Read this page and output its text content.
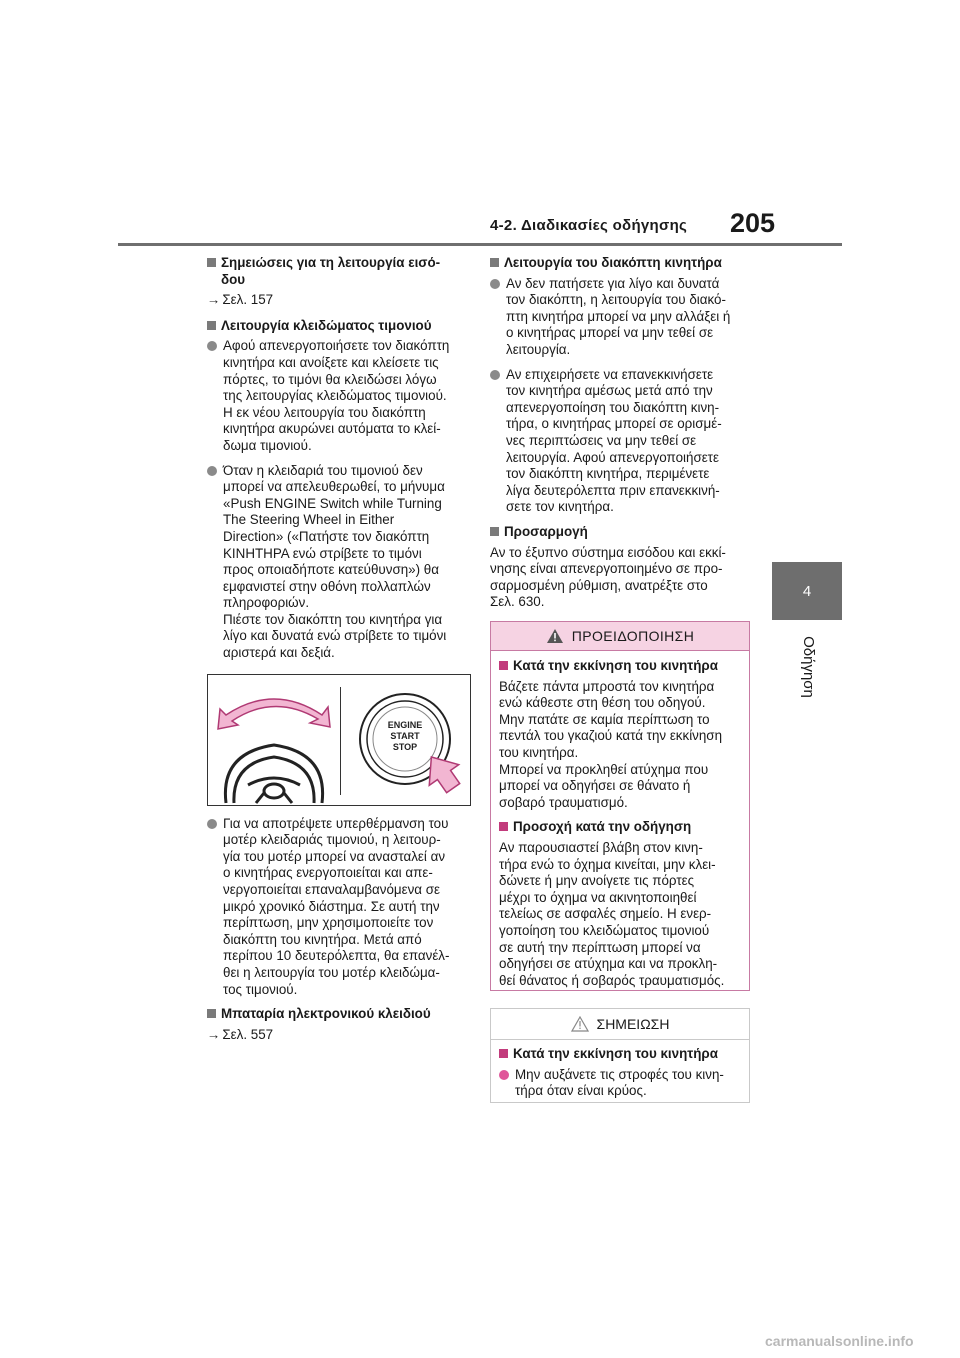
4-2. Διαδικασίες οδήγησης 205
4
Οδήγηση
Σημειώσεις για τη λειτουργία εισό-
δου
→ Σελ. 157
Λειτουργία κλειδώματος τιμονιού
Αφού απενεργοποιήσετε τον διακόπτη
κινητήρα και ανοίξετε και κλείσετε τις
πόρτες, το τιμόνι θα κλειδώσει λόγω
της λειτουργίας κλειδώματος τιμονιού.
Η εκ νέου λειτουργία του διακόπτη
κινητήρα ακυρώνει αυτόματα το κλεί-
δωμα τιμονιού.
Όταν η κλειδαριά του τιμονιού δεν
μπορεί να απελευθερωθεί, το μήνυμα
«Push ENGINE Switch while Turning
The Steering Wheel in Either
Direction» («Πατήστε τον διακόπτη
ΚΙΝΗΤΗΡΑ ενώ στρίβετε το τιμόνι
προς οποιαδήποτε κατεύθυνση») θα
εμφανιστεί στην οθόνη πολλαπλών
πληροφοριών.
Πιέστε τον διακόπτη του κινητήρα για
λίγο και δυνατά ενώ στρίβετε το τιμόνι
αριστερά και δεξιά.
ENGINE
START
STOP
Για να αποτρέψετε υπερθέρμανση του
μοτέρ κλειδαριάς τιμονιού, η λειτουρ-
γία του μοτέρ μπορεί να ανασταλεί αν
ο κινητήρας ενεργοποιείται και απε-
νεργοποιείται επαναλαμβανόμενα σε
μικρό χρονικό διάστημα. Σε αυτή την
περίπτωση, μην χρησιμοποιείτε τον
διακόπτη του κινητήρα. Μετά από
περίπου 10 δευτερόλεπτα, θα επανέλ-
θει η λειτουργία του μοτέρ κλειδώμα-
τος τιμονιού.
Μπαταρία ηλεκτρονικού κλειδιού
→ Σελ. 557
Λειτουργία του διακόπτη κινητήρα
Αν δεν πατήσετε για λίγο και δυνατά
τον διακόπτη, η λειτουργία του διακό-
πτη κινητήρα μπορεί να μην αλλάξει ή
ο κινητήρας μπορεί να μην τεθεί σε
λειτουργία.
Αν επιχειρήσετε να επανεκκινήσετε
τον κινητήρα αμέσως μετά από την
απενεργοποίηση του διακόπτη κινη-
τήρα, ο κινητήρας μπορεί σε ορισμέ-
νες περιπτώσεις να μην τεθεί σε
λειτουργία. Αφού απενεργοποιήσετε
τον διακόπτη κινητήρα, περιμένετε
λίγα δευτερόλεπτα πριν επανεκκινή-
σετε τον κινητήρα.
Προσαρμογή
Αν το έξυπνο σύστημα εισόδου και εκκί-
νησης είναι απενεργοποιημένο σε προ-
σαρμοσμένη ρύθμιση, ανατρέξτε στο
Σελ. 630.
ΠΡΟΕΙΔΟΠΟΙΗΣΗ
Κατά την εκκίνηση του κινητήρα
Βάζετε πάντα μπροστά τον κινητήρα
ενώ κάθεστε στη θέση του οδηγού.
Μην πατάτε σε καμία περίπτωση το
πεντάλ του γκαζιού κατά την εκκίνηση
του κινητήρα.
Μπορεί να προκληθεί ατύχημα που
μπορεί να οδηγήσει σε θάνατο ή
σοβαρό τραυματισμό.
Προσοχή κατά την οδήγηση
Αν παρουσιαστεί βλάβη στον κινη-
τήρα ενώ το όχημα κινείται, μην κλει-
δώνετε ή μην ανοίγετε τις πόρτες
μέχρι το όχημα να ακινητοποιηθεί
τελείως σε ασφαλές σημείο. Η ενερ-
γοποίηση του κλειδώματος τιμονιού
σε αυτή την περίπτωση μπορεί να
οδηγήσει σε ατύχημα και να προκλη-
θεί θάνατος ή σοβαρός τραυματισμός.
ΣΗΜΕΙΩΣΗ
Κατά την εκκίνηση του κινητήρα
Μην αυξάνετε τις στροφές του κινη-
τήρα όταν είναι κρύος.
carmanualsonline.info
